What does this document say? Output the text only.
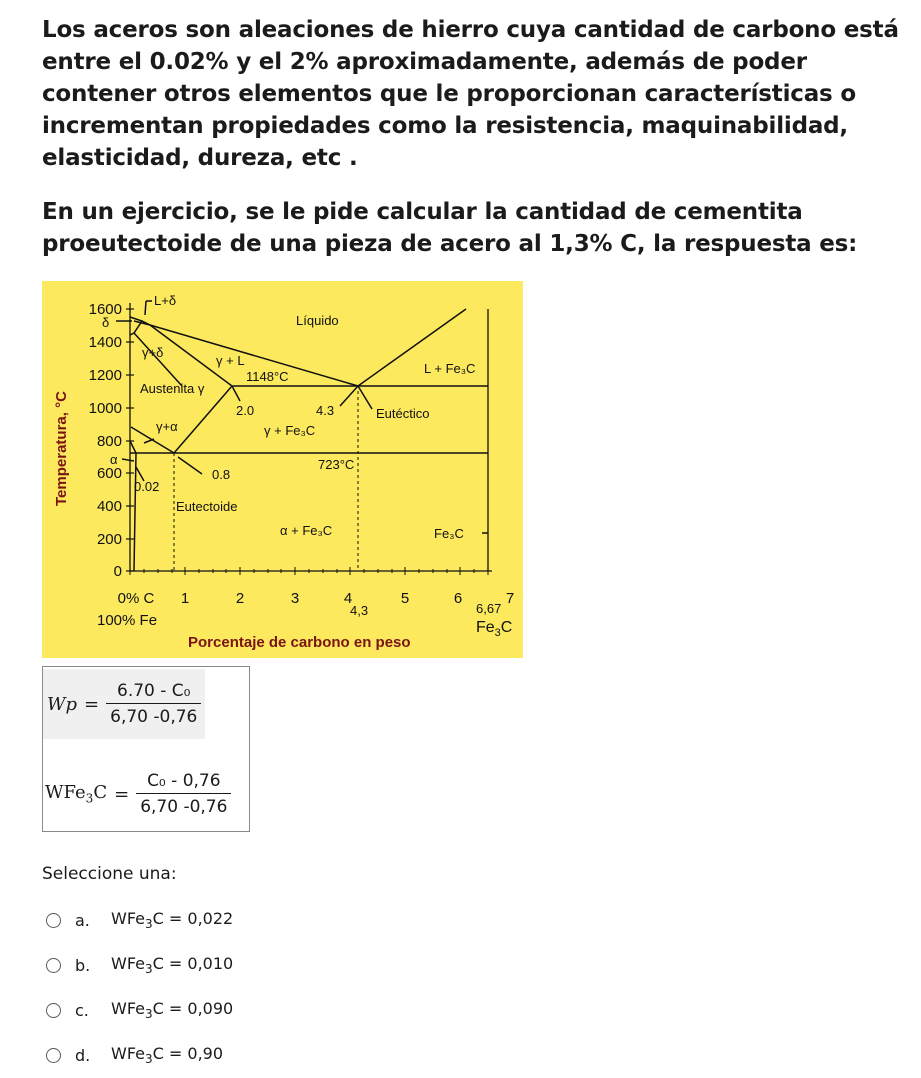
Los aceros son aleaciones de hierro cuya cantidad de carbono está entre el 0.02% y el 2% aproximadamente, además de poder contener otros elementos que le proporcionan características o incrementan propiedades como la resistencia, maquinabilidad, elasticidad, dureza, etc .

En un ejercicio, se le pide calcular la cantidad de cementita proeutectoide de una pieza de acero al 1,3% C, la respuesta es:

1600
1400
1200
1000
800
600
400
200
0
0% C 1	2	3	4	5	6	7
100% Fe	$Fe_3C$
Porcentaje de carbono en peso
Temperatura, °C
L+δ
δ	Líquido
γ+δ
γ + L
1148°C
L + Fe₃C
Austenita γ
2.0	4.3	Eutéctico
γ+α	γ + Fe₃C
α	723°C
0.8
0.02
Eutectoide
α + Fe₃C	Fe₃C
4,3	6,67
$Wp = \frac{\text{6.70 - C₀}}{6,70 -0,76}$
$WFe_3C = \frac{\text{C₀ - 0,76}}{6,70 -0,76}$
Seleccione una:
a.	WFe$_3$C = 0,022
b.	WFe$_3$C = 0,010
c.	WFe$_3$C = 0,090
d.	WFe$_3$C = 0,90
